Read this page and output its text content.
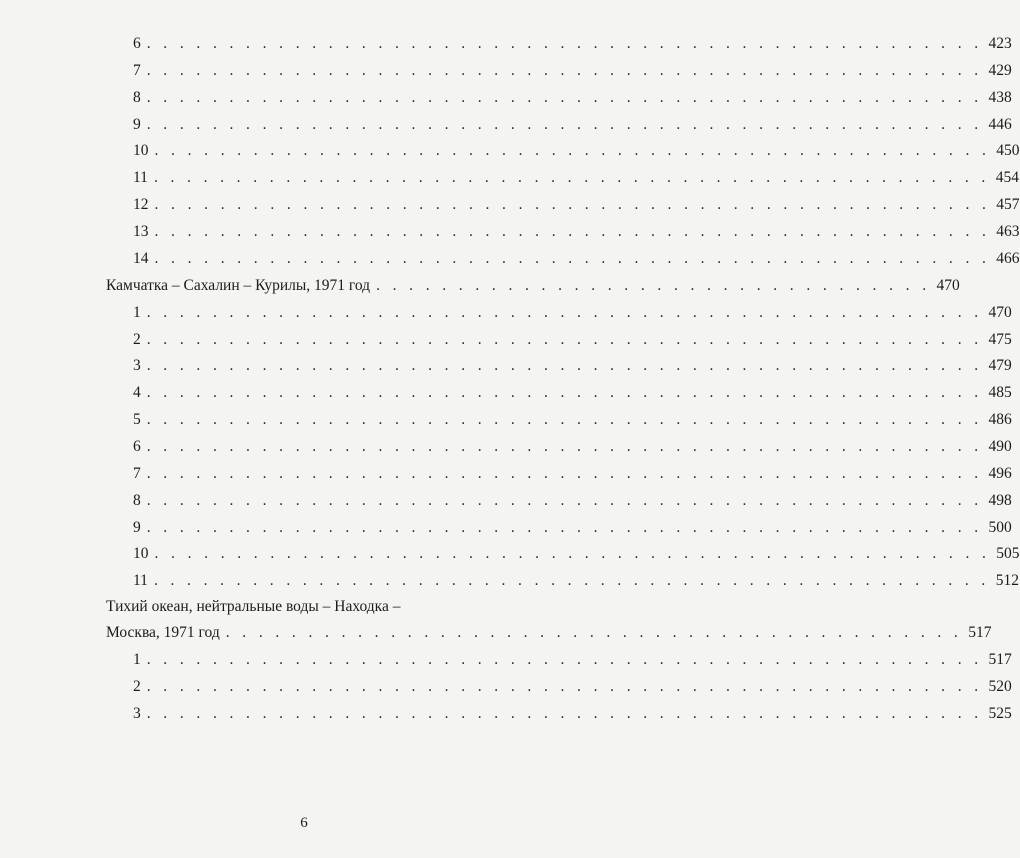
6 . . . . . . . . . . . . . . . . . . . . . . . . . . . . . . . . . . . . . . . . . . . . . . . . . . . 423
7 . . . . . . . . . . . . . . . . . . . . . . . . . . . . . . . . . . . . . . . . . . . . . . . . . . . 429
8 . . . . . . . . . . . . . . . . . . . . . . . . . . . . . . . . . . . . . . . . . . . . . . . . . . . 438
9 . . . . . . . . . . . . . . . . . . . . . . . . . . . . . . . . . . . . . . . . . . . . . . . . . . . 446
10 . . . . . . . . . . . . . . . . . . . . . . . . . . . . . . . . . . . . . . . . . . . . . . . . . . . 450
11 . . . . . . . . . . . . . . . . . . . . . . . . . . . . . . . . . . . . . . . . . . . . . . . . . . . 454
12 . . . . . . . . . . . . . . . . . . . . . . . . . . . . . . . . . . . . . . . . . . . . . . . . . . . 457
13 . . . . . . . . . . . . . . . . . . . . . . . . . . . . . . . . . . . . . . . . . . . . . . . . . . . 463
14 . . . . . . . . . . . . . . . . . . . . . . . . . . . . . . . . . . . . . . . . . . . . . . . . . . . 466
Камчатка – Сахалин – Курилы, 1971 год . . . . . . . . . . . . . . . . . . . . . . . . . . . . . . . . . . 470
1 . . . . . . . . . . . . . . . . . . . . . . . . . . . . . . . . . . . . . . . . . . . . . . . . . . . 470
2 . . . . . . . . . . . . . . . . . . . . . . . . . . . . . . . . . . . . . . . . . . . . . . . . . . . 475
3 . . . . . . . . . . . . . . . . . . . . . . . . . . . . . . . . . . . . . . . . . . . . . . . . . . . 479
4 . . . . . . . . . . . . . . . . . . . . . . . . . . . . . . . . . . . . . . . . . . . . . . . . . . . 485
5 . . . . . . . . . . . . . . . . . . . . . . . . . . . . . . . . . . . . . . . . . . . . . . . . . . . 486
6 . . . . . . . . . . . . . . . . . . . . . . . . . . . . . . . . . . . . . . . . . . . . . . . . . . . 490
7 . . . . . . . . . . . . . . . . . . . . . . . . . . . . . . . . . . . . . . . . . . . . . . . . . . . 496
8 . . . . . . . . . . . . . . . . . . . . . . . . . . . . . . . . . . . . . . . . . . . . . . . . . . . 498
9 . . . . . . . . . . . . . . . . . . . . . . . . . . . . . . . . . . . . . . . . . . . . . . . . . . . 500
10 . . . . . . . . . . . . . . . . . . . . . . . . . . . . . . . . . . . . . . . . . . . . . . . . . . . 505
11 . . . . . . . . . . . . . . . . . . . . . . . . . . . . . . . . . . . . . . . . . . . . . . . . . . . 512
Тихий океан, нейтральные воды – Находка –
Москва, 1971 год . . . . . . . . . . . . . . . . . . . . . . . . . . . . . . . . . . . . . . . . . . . . . 517
1 . . . . . . . . . . . . . . . . . . . . . . . . . . . . . . . . . . . . . . . . . . . . . . . . . . . 517
2 . . . . . . . . . . . . . . . . . . . . . . . . . . . . . . . . . . . . . . . . . . . . . . . . . . . 520
3 . . . . . . . . . . . . . . . . . . . . . . . . . . . . . . . . . . . . . . . . . . . . . . . . . . . 525
6
